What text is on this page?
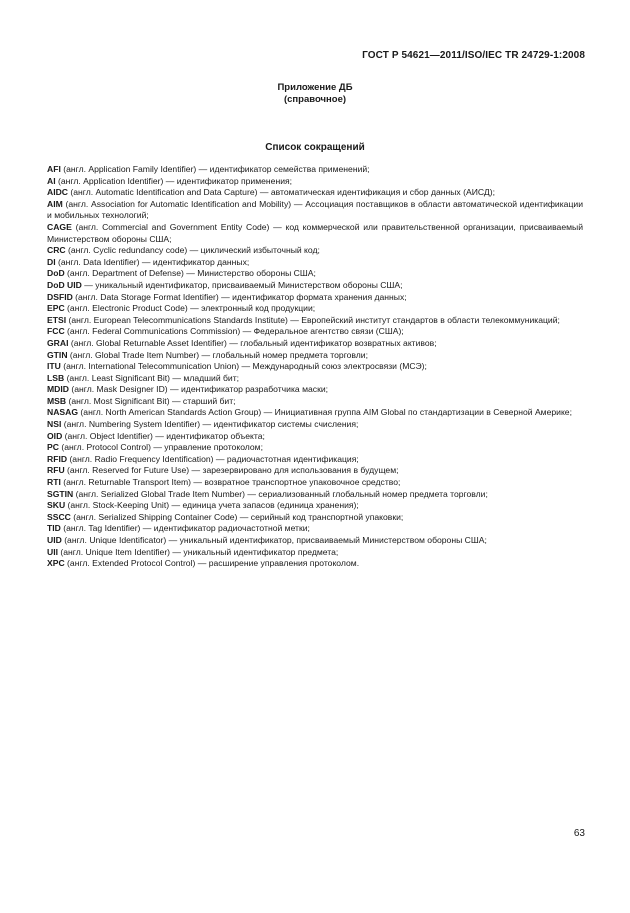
ГОСТ Р 54621—2011/ISO/IEC TR 24729-1:2008
Приложение ДБ
(справочное)
Список сокращений
AFI (англ. Application Family Identifier) — идентификатор семейства применений;
AI (англ. Application Identifier) — идентификатор применения;
AIDC (англ. Automatic Identification and Data Capture) — автоматическая идентификация и сбор данных (АИСД);
AIM (англ. Association for Automatic Identification and Mobility) — Ассоциация поставщиков в области автоматической идентификации и мобильных технологий;
CAGE (англ. Commercial and Government Entity Code) — код коммерческой или правительственной организации, присваиваемый Министерством обороны США;
CRC (англ. Cyclic redundancy code) — циклический избыточный код;
DI (англ. Data Identifier) — идентификатор данных;
DoD (англ. Department of Defense) — Министерство обороны США;
DoD UID — уникальный идентификатор, присваиваемый Министерством обороны США;
DSFID (англ. Data Storage Format Identifier) — идентификатор формата хранения данных;
EPC (англ. Electronic Product Code) — электронный код продукции;
ETSI (англ. European Telecommunications Standards Institute) — Европейский институт стандартов в области телекоммуникаций;
FCC (англ. Federal Communications Commission) — Федеральное агентство связи (США);
GRAI (англ. Global Returnable Asset Identifier) — глобальный идентификатор возвратных активов;
GTIN (англ. Global Trade Item Number) — глобальный номер предмета торговли;
ITU (англ. International Telecommunication Union) — Международный союз электросвязи (МСЭ);
LSB (англ. Least Significant Bit) — младший бит;
MDID (англ. Mask Designer ID) — идентификатор разработчика маски;
MSB (англ. Most Significant Bit) — старший бит;
NASAG (англ. North American Standards Action Group) — Инициативная группа AIM Global по стандартизации в Северной Америке;
NSI (англ. Numbering System Identifier) — идентификатор системы счисления;
OID (англ. Object Identifier) — идентификатор объекта;
PC (англ. Protocol Control) — управление протоколом;
RFID (англ. Radio Frequency Identification) — радиочастотная идентификация;
RFU (англ. Reserved for Future Use) — зарезервировано для использования в будущем;
RTI (англ. Returnable Transport Item) — возвратное транспортное упаковочное средство;
SGTIN (англ. Serialized Global Trade Item Number) — сериализованный глобальный номер предмета торговли;
SKU (англ. Stock-Keeping Unit) — единица учета запасов (единица хранения);
SSCC (англ. Serialized Shipping Container Code) — серийный код транспортной упаковки;
TID (англ. Tag Identifier) — идентификатор радиочастотной метки;
UID (англ. Unique Identificator) — уникальный идентификатор, присваиваемый Министерством обороны США;
UII (англ. Unique Item Identifier) — уникальный идентификатор предмета;
XPC (англ. Extended Protocol Control) — расширение управления протоколом.
63
